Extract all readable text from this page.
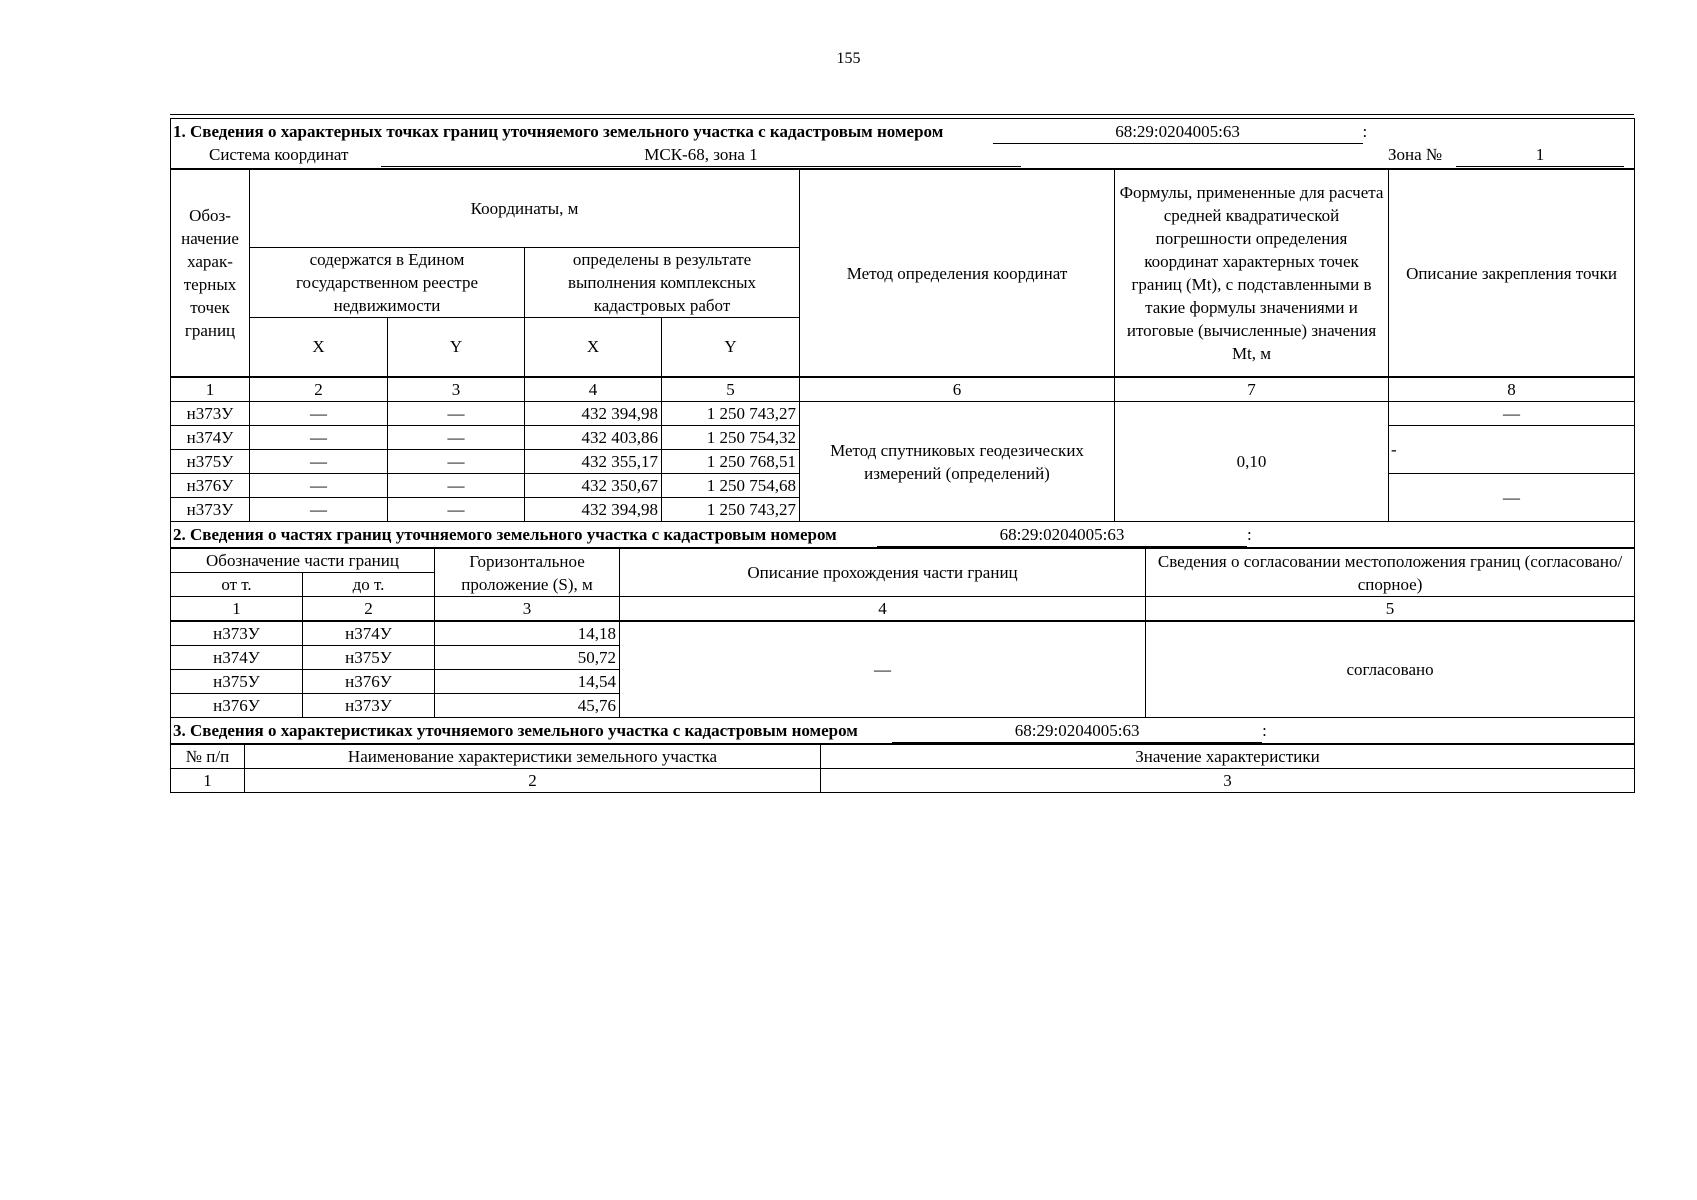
155
1. Сведения о характерных точках границ уточняемого земельного участка с кадастровым номером 68:29:0204005:63 :
Система координат МСК-68, зона 1 Зона № 1							

Обоз-начение харак-терных точек границ	Координаты, м				Метод определения координат	Формулы, примененные для расчета средней квадратической погрешности определения координат характерных точек границ (Mt), с подставленными в такие формулы значениями и итоговые (вычисленные) значения Mt, м	Описание закрепления точки
	содержатся в Едином государственном реестре недвижимости		определены в результате выполнения комплексных кадастровых работ				
	X	Y	X	Y			
1	2	3	4	5	6	7	8
н373У	—	—	432 394,98	1 250 743,27	Метод спутниковых геодезических измерений (определений)	0,10	—
н374У	—	—	432 403,86	1 250 754,32			-
н375У	—	—	432 355,17	1 250 768,51			
н376У	—	—	432 350,67	1 250 754,68			—
н373У	—	—	432 394,98	1 250 743,27			
2. Сведения о частях границ уточняемого земельного участка с кадастровым номером 68:29:0204005:63 :				
Обозначение части границ		Горизонтальное проложение (S), м	Описание прохождения части границ	Сведения о согласовании местоположения границ (согласовано/спорное)
от т.	до т.			
1	2	3	4	5
н373У	н374У	14,18	—	согласовано
н374У	н375У	50,72		
н375У	н376У	14,54		
н376У	н373У	45,76		
3. Сведения о характеристиках уточняемого земельного участка с кадастровым номером 68:29:0204005:63 :		
№ п/п	Наименование характеристики земельного участка	Значение характеристики
1	2	3
